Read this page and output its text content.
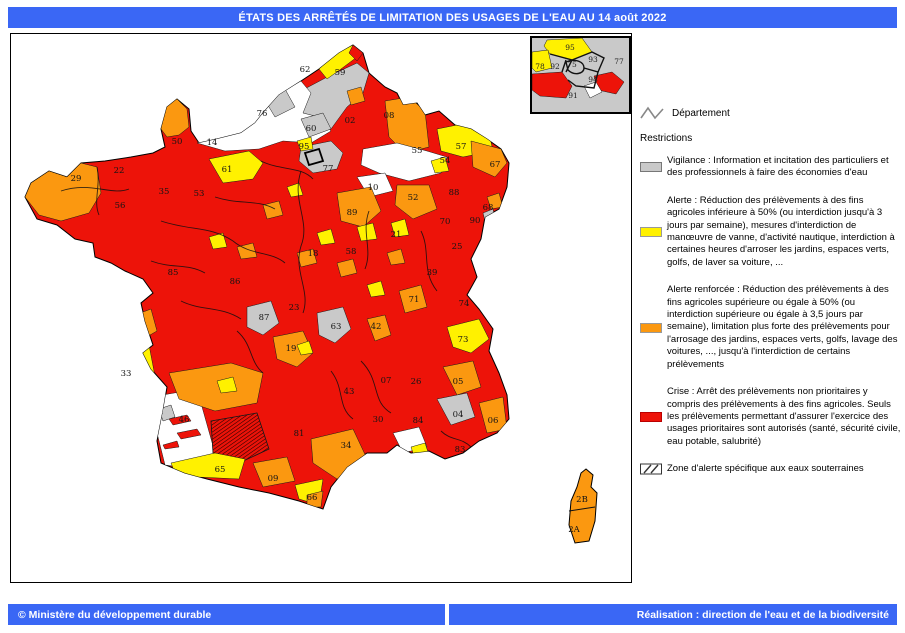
ÉTATS DES ARRÊTÉS DE LIMITATION DES USAGES DE L'EAU AU 14 août 2022
62	59
76
02
60
14
50
08
95	57
55
54	67
61	77
10	88
52
22
29
35	53
56	68
89
70 90
21
58
18
25
39
85
86
71	74
23
87
63	42
19
73
33
07 26	05
43
46	04
06
30	84
81
34	83
65
09
66	2B
2A
95
78 92 75
93 77
94
91
Département
Restrictions
Vigilance : Information et incitation des particuliers et des professionnels à faire des économies d'eau
Alerte : Réduction des prélèvements à des fins agricoles inférieure à 50% (ou interdiction jusqu'à 3 jours par semaine), mesures d'interdiction de manœuvre de vanne, d'activité nautique, interdiction à certaines heures d'arroser les jardins, espaces verts, golfs, de laver sa voiture, ...
Alerte renforcée : Réduction des prélèvements à des fins agricoles supérieure ou égale à 50% (ou interdiction supérieure ou égale à 3,5 jours par semaine), limitation plus forte des prélèvements pour l'arrosage des jardins, espaces verts, golfs, lavage des voitures, ..., jusqu'à l'interdiction de certains prélèvements
Crise : Arrêt des prélèvements non prioritaires y compris des prélèvements à des fins agricoles. Seuls les prélèvements permettant d'assurer l'exercice des usages prioritaires sont autorisés (santé, sécurité civile, eau potable, salubrité)
Zone d'alerte spécifique aux eaux souterraines
© Ministère du développement durable	Réalisation : direction de l'eau et de la biodiversité
